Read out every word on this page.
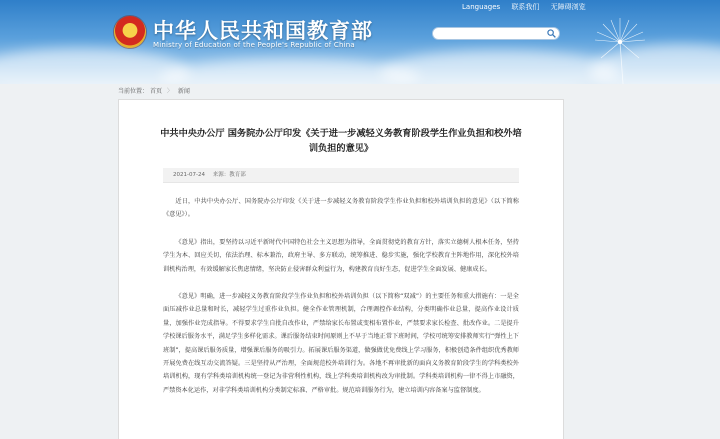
中华人民共和国教育部
Ministry of Education of the People's Republic of China
Languages 联系我们 无障碍浏览
当前位置： 首页 〉 新闻
中共中央办公厅 国务院办公厅印发《关于进一步减轻义务教育阶段学生作业负担和校外培训负担的意见》
2021-07-24 来源：教育部

近日，中共中央办公厅、国务院办公厅印发《关于进一步减轻义务教育阶段学生作业负担和校外培训负担的意见》（以下简称《意见》）。

《意见》指出，要坚持以习近平新时代中国特色社会主义思想为指导，全面贯彻党的教育方针，落实立德树人根本任务，坚持学生为本、回应关切，依法治理、标本兼治，政府主导、多方联动，统筹推进、稳步实施，强化学校教育主阵地作用，深化校外培训机构治理，有效缓解家长焦虑情绪，坚决防止侵害群众利益行为，构建教育良好生态，促进学生全面发展、健康成长。

《意见》明确，进一步减轻义务教育阶段学生作业负担和校外培训负担（以下简称“双减”）的主要任务和重大措施有：一是全面压减作业总量和时长，减轻学生过重作业负担。健全作业管理机制，合理调控作业结构，分类明确作业总量，提高作业设计质量，加强作业完成指导。不得要求学生自批自改作业，严禁给家长布置或变相布置作业，严禁要求家长检查、批改作业。二是提升学校课后服务水平，满足学生多样化需求。课后服务结束时间原则上不早于当地正常下班时间，学校可统筹安排教师实行“弹性上下班制”，提高课后服务质量，增强课后服务的吸引力。拓展课后服务渠道，做强做优免费线上学习服务，积极创造条件组织优秀教师开展免费在线互动交流答疑。三是坚持从严治理，全面规范校外培训行为。各地不再审批新的面向义务教育阶段学生的学科类校外培训机构，现有学科类培训机构统一登记为非营利性机构，线上学科类培训机构改为审批制。学科类培训机构一律不得上市融资，严禁资本化运作，对非学科类培训机构分类制定标准、严格审批。规范培训服务行为，建立培训内容备案与监督制度。
